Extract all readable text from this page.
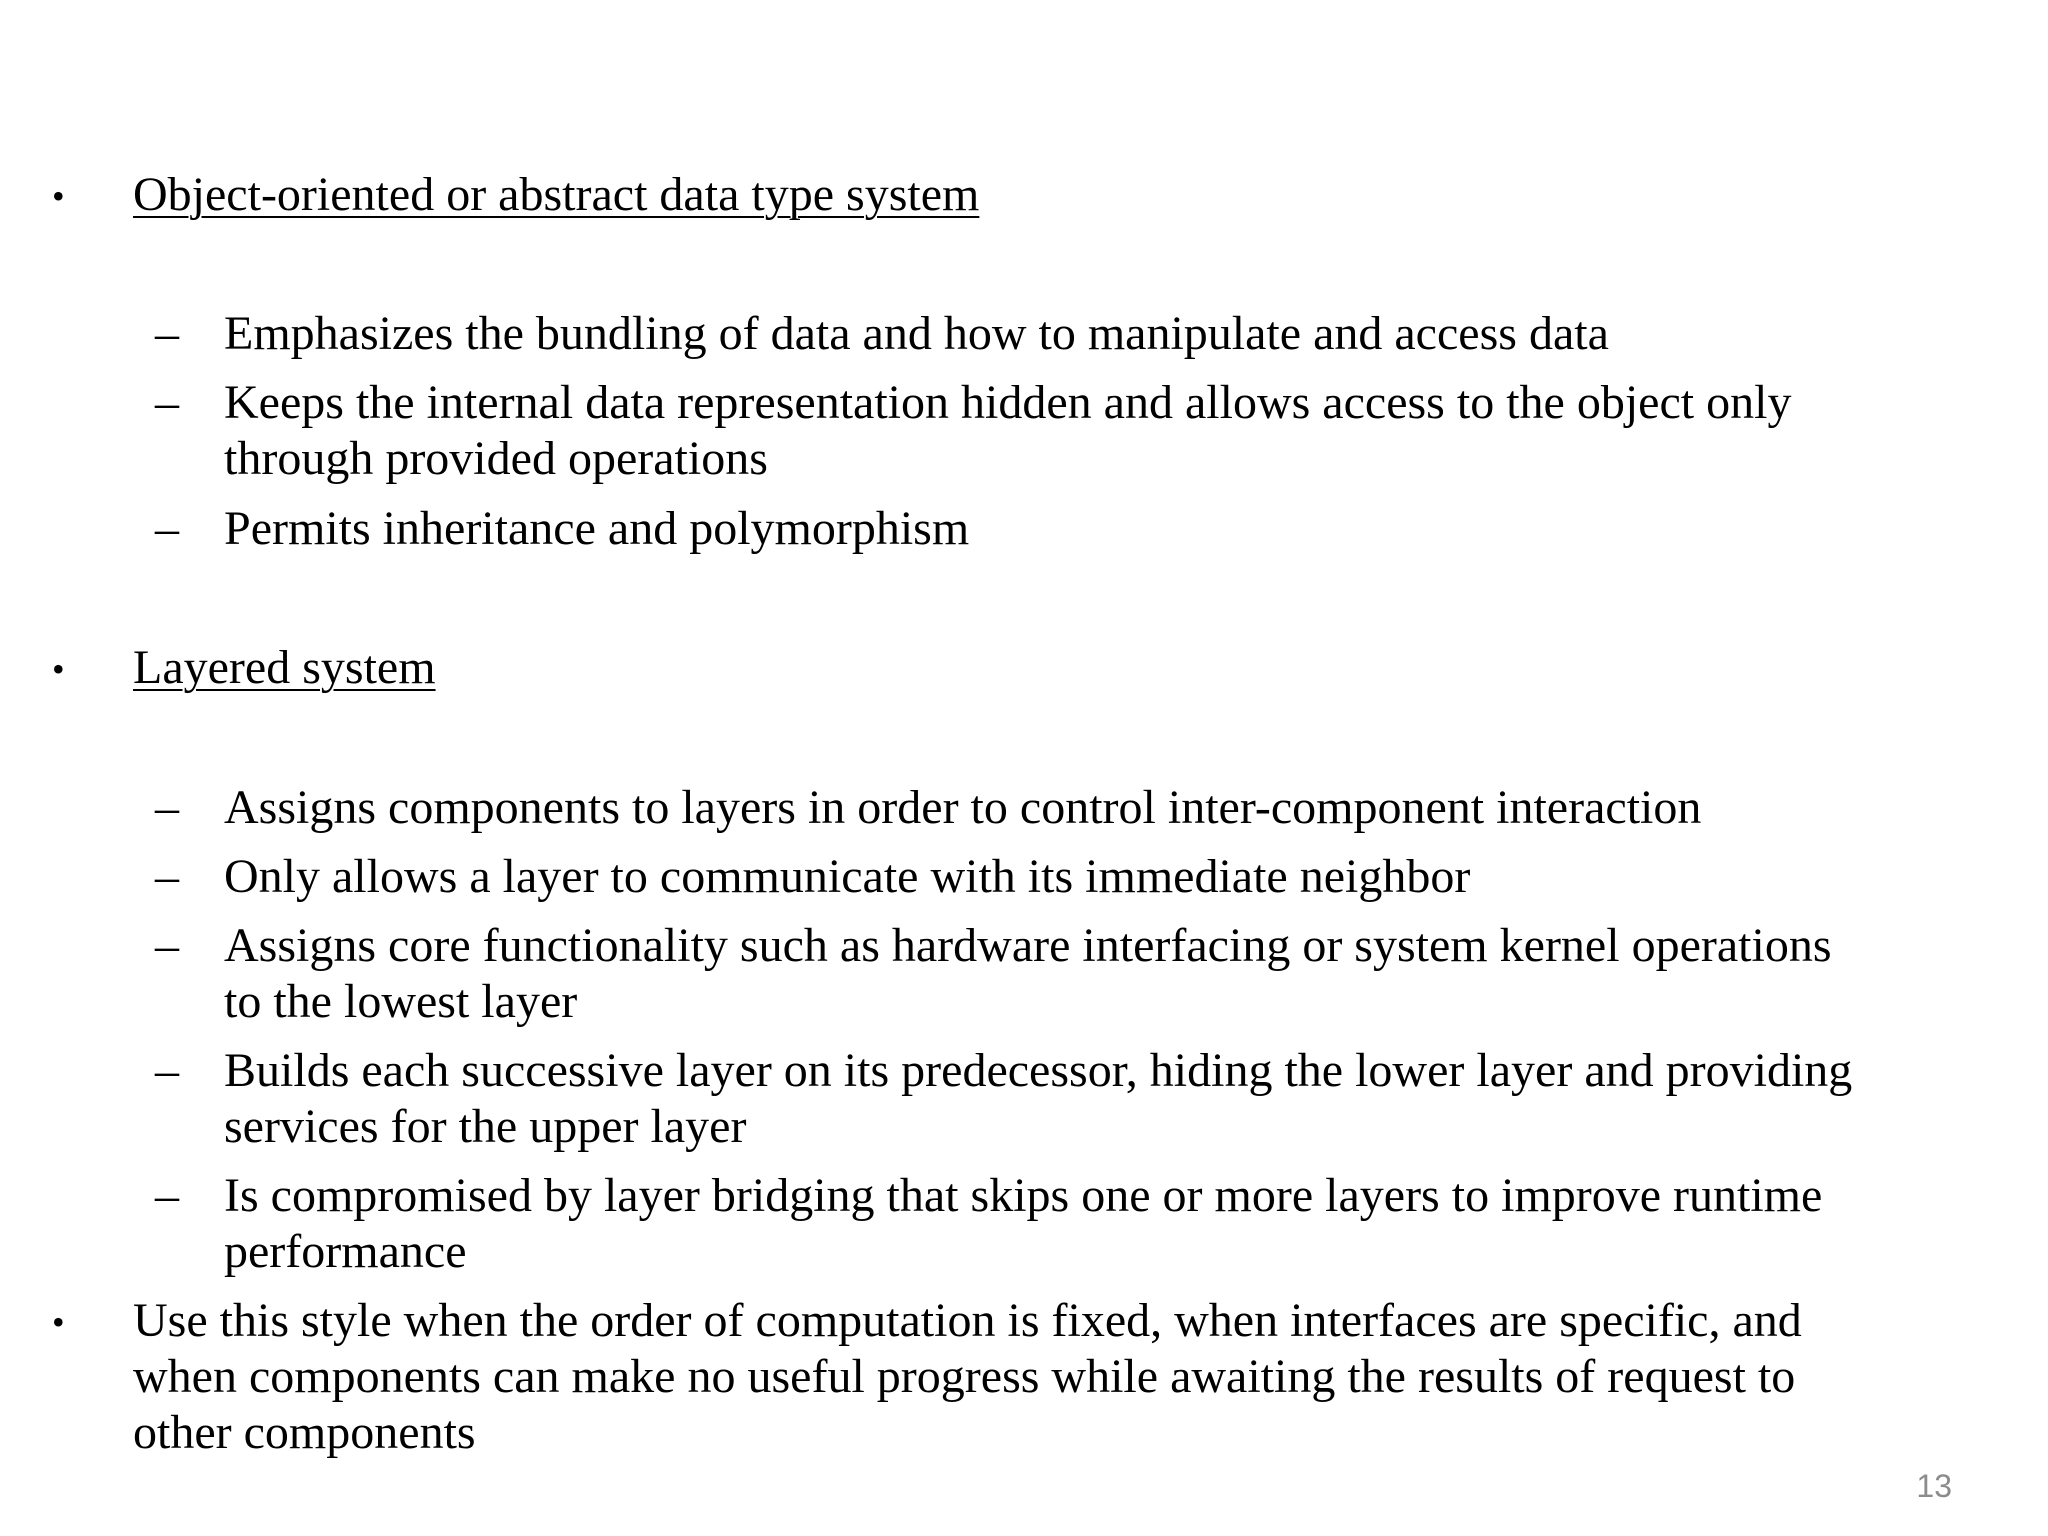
• Object-oriented or abstract data type system
– Emphasizes the bundling of data and how to manipulate and access data
– Keeps the internal data representation hidden and allows access to the object only
through provided operations
– Permits inheritance and polymorphism
• Layered system
– Assigns components to layers in order to control inter-component interaction
– Only allows a layer to communicate with its immediate neighbor
– Assigns core functionality such as hardware interfacing or system kernel operations
to the lowest layer
– Builds each successive layer on its predecessor, hiding the lower layer and providing
services for the upper layer
– Is compromised by layer bridging that skips one or more layers to improve runtime
performance
• Use this style when the order of computation is fixed, when interfaces are specific, and
when components can make no useful progress while awaiting the results of request to
other components
13
